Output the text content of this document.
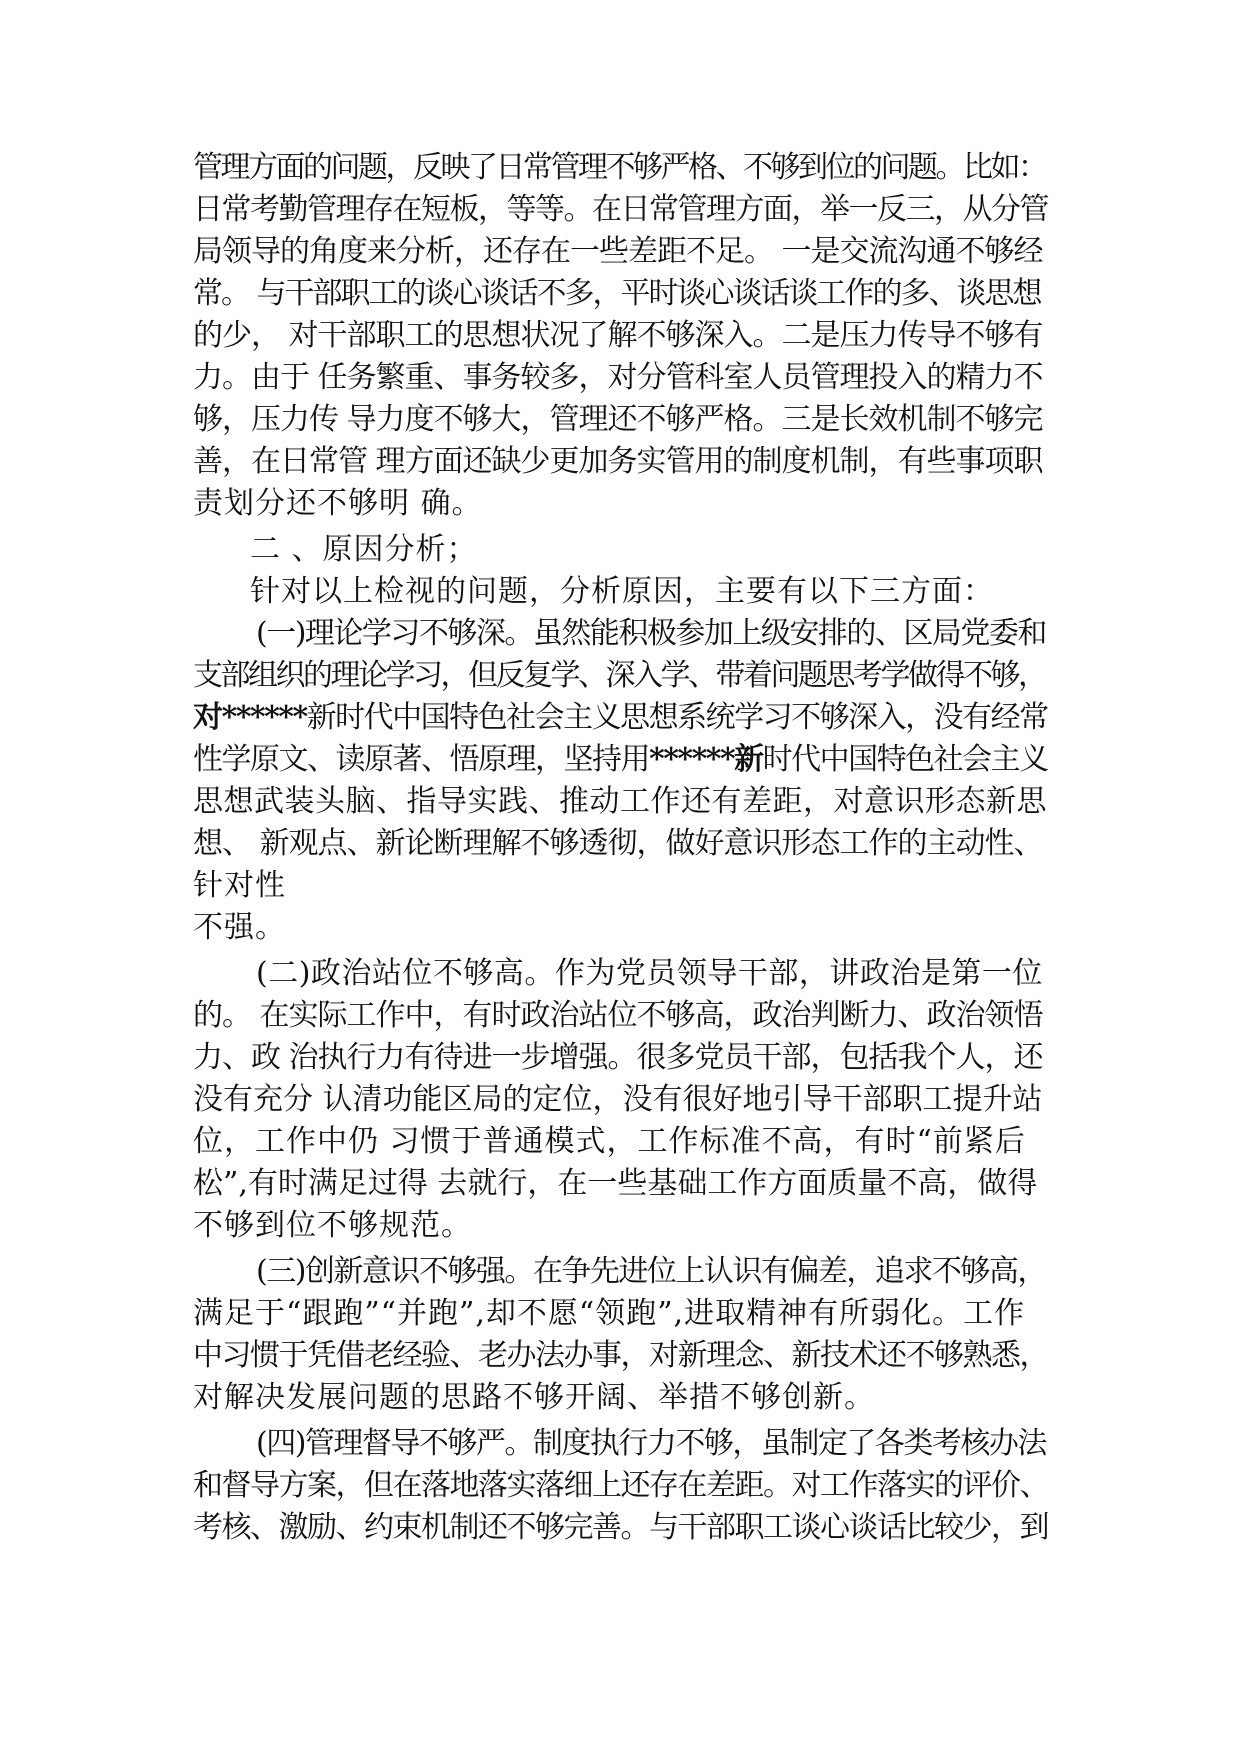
管理方面的问题，反映了日常管理不够严格、不够到位的问题。比如：
日常考勤管理存在短板，等等。在日常管理方面，举一反三，从分管
局领导的角度来分析，还存在一些差距不足。 一是交流沟通不够经
常。 与干部职工的谈心谈话不多，平时谈心谈话谈工作的多、谈思想
的少， 对干部职工的思想状况了解不够深入。二是压力传导不够有
力。由于 任务繁重、事务较多，对分管科室人员管理投入的精力不
够，压力传 导力度不够大，管理还不够严格。三是长效机制不够完
善，在日常管 理方面还缺少更加务实管用的制度机制，有些事项职
责划分还不够明 确。
二 、原因分析；
针对以上检视的问题，分析原因，主要有以下三方面：
(一)理论学习不够深。虽然能积极参加上级安排的、区局党委和
支部组织的理论学习，但反复学、深入学、带着问题思考学做得不够，
对******新时代中国特色社会主义思想系统学习不够深入，没有经常
性学原文、读原著、悟原理，坚持用******新时代中国特色社会主义
思想武装头脑、指导实践、推动工作还有差距，对意识形态新思
想、 新观点、新论断理解不够透彻，做好意识形态工作的主动性、
针对性
不强。
(二)政治站位不够高。作为党员领导干部，讲政治是第一位
的。 在实际工作中，有时政治站位不够高，政治判断力、政治领悟
力、政 治执行力有待进一步增强。很多党员干部，包括我个人，还
没有充分 认清功能区局的定位，没有很好地引导干部职工提升站
位，工作中仍 习惯于普通模式，工作标准不高，有时“前紧后
松”,有时满足过得 去就行，在一些基础工作方面质量不高，做得
不够到位不够规范。
(三)创新意识不够强。在争先进位上认识有偏差，追求不够高，
满足于“跟跑”“并跑”,却不愿“领跑”,进取精神有所弱化。工作
中习惯于凭借老经验、老办法办事，对新理念、新技术还不够熟悉，
对解决发展问题的思路不够开阔、举措不够创新。
(四)管理督导不够严。制度执行力不够，虽制定了各类考核办法
和督导方案，但在落地落实落细上还存在差距。对工作落实的评价、
考核、激励、约束机制还不够完善。与干部职工谈心谈话比较少，到
